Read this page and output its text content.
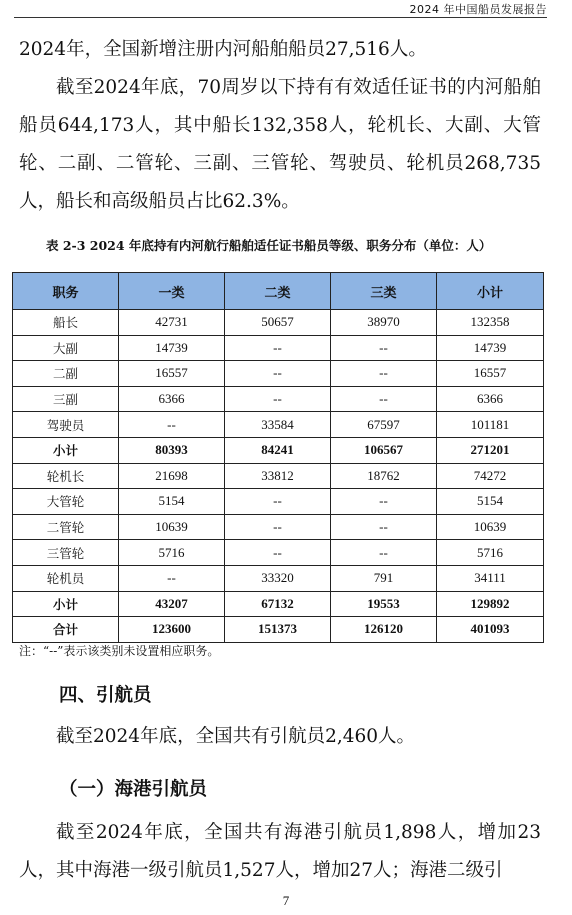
2024 年中国船员发展报告

2024年，全国新增注册内河船舶船员27,516人。

截至2024年底，70周岁以下持有有效适任证书的内河船舶船员644,173人，其中船长132,358人，轮机长、大副、大管轮、二副、二管轮、三副、三管轮、驾驶员、轮机员268,735人，船长和高级船员占比62.3%。

表 2-3 2024 年底持有内河航行船舶适任证书船员等级、职务分布（单位：人）
职务	一类	二类	三类	小计
船长	42731	50657	38970	132358
大副	14739	--	--	14739
二副	16557	--	--	16557
三副	6366	--	--	6366
驾驶员	--	33584	67597	101181
小计	80393	84241	106567	271201
轮机长	21698	33812	18762	74272
大管轮	5154	--	--	5154
二管轮	10639	--	--	10639
三管轮	5716	--	--	5716
轮机员	--	33320	791	34111
小计	43207	67132	19553	129892
合计	123600	151373	126120	401093
注：“--”表示该类别未设置相应职务。
四、引航员

截至2024年底，全国共有引航员2,460人。

（一）海港引航员

截至2024年底，全国共有海港引航员1,898人，增加23人，其中海港一级引航员1,527人，增加27人；海港二级引

7
